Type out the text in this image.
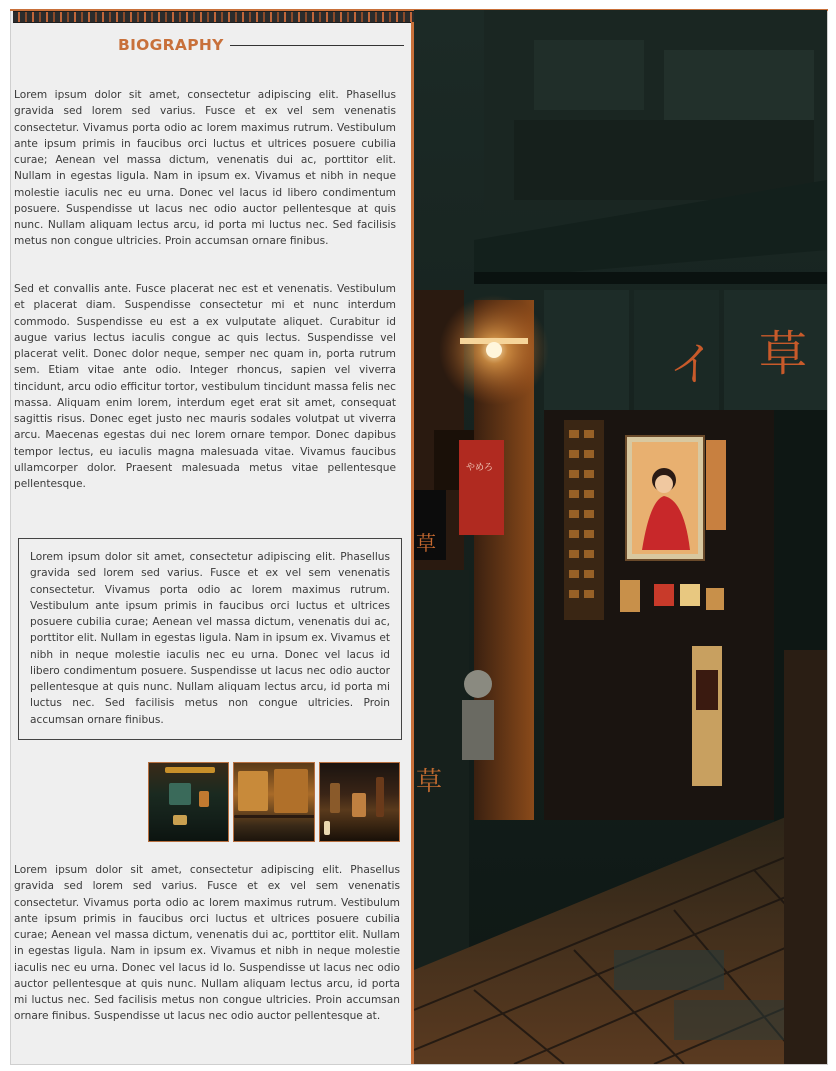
BIOGRAPHY

Lorem ipsum dolor sit amet, consectetur adipiscing elit. Phasellus gravida sed lorem sed varius. Fusce et ex vel sem venenatis consectetur. Vivamus porta odio ac lorem maximus rutrum. Vestibulum ante ipsum primis in faucibus orci luctus et ultrices posuere cubilia curae; Aenean vel massa dictum, venenatis dui ac, porttitor elit. Nullam in egestas ligula. Nam in ipsum ex. Vivamus et nibh in neque molestie iaculis nec eu urna. Donec vel lacus id libero condimentum posuere. Suspendisse ut lacus nec odio auctor pellentesque at quis nunc. Nullam aliquam lectus arcu, id porta mi luctus nec. Sed facilisis metus non congue ultricies. Proin accumsan ornare finibus.

Sed et convallis ante. Fusce placerat nec est et venenatis. Vestibulum et placerat diam. Suspendisse consectetur mi et nunc interdum commodo. Suspendisse eu est a ex vulputate aliquet. Curabitur id augue varius lectus iaculis congue ac quis lectus. Suspendisse vel placerat velit. Donec dolor neque, semper nec quam in, porta rutrum sem. Etiam vitae ante odio. Integer rhoncus, sapien vel viverra tincidunt, arcu odio efficitur tortor, vestibulum tincidunt massa felis nec massa. Aliquam enim lorem, interdum eget erat sit amet, consequat sagittis risus. Donec eget justo nec mauris sodales volutpat ut viverra arcu. Maecenas egestas dui nec lorem ornare tempor. Donec dapibus tempor lectus, eu iaculis magna malesuada vitae. Vivamus faucibus ullamcorper dolor. Praesent malesuada metus vitae pellentesque pellentesque.

Lorem ipsum dolor sit amet, consectetur adipiscing elit. Phasellus gravida sed lorem sed varius. Fusce et ex vel sem venenatis consectetur. Vivamus porta odio ac lorem maximus rutrum. Vestibulum ante ipsum primis in faucibus orci luctus et ultrices posuere cubilia curae; Aenean vel massa dictum, venenatis dui ac, porttitor elit. Nullam in egestas ligula. Nam in ipsum ex. Vivamus et nibh in neque molestie iaculis nec eu urna. Donec vel lacus id libero condimentum posuere. Suspendisse ut lacus nec odio auctor pellentesque at quis nunc. Nullam aliquam lectus arcu, id porta mi luctus nec. Sed facilisis metus non congue ultricies. Proin accumsan ornare finibus.

Lorem ipsum dolor sit amet, consectetur adipiscing elit. Phasellus gravida sed lorem sed varius. Fusce et ex vel sem venenatis consectetur. Vivamus porta odio ac lorem maximus rutrum. Vestibulum ante ipsum primis in faucibus orci luctus et ultrices posuere cubilia curae; Aenean vel massa dictum, venenatis dui ac, porttitor elit. Nullam in egestas ligula. Nam in ipsum ex. Vivamus et nibh in neque molestie iaculis nec eu urna. Donec vel lacus id lo. Suspendisse ut lacus nec odio auctor pellentesque at quis nunc. Nullam aliquam lectus arcu, id porta mi luctus nec. Sed facilisis metus non congue ultricies. Proin accumsan ornare finibus. Suspendisse ut lacus nec odio auctor pellentesque at.

イ 草
やめろ
草
草
